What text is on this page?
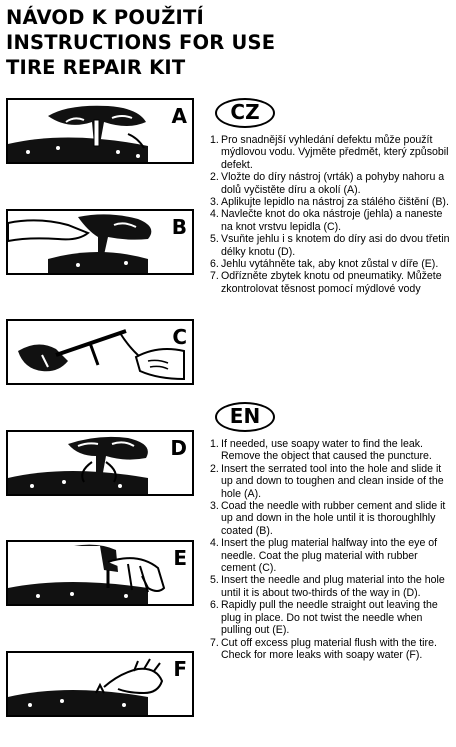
NÁVOD K POUŽITÍ
INSTRUCTIONS FOR USE
TIRE REPAIR KIT
A
B
C
D
E
F
CZ
1. Pro snadnější vyhledání defektu může použít mýdlovou vodu. Vyjměte předmět, který způsobil defekt.
2. Vložte do díry nástroj (vrták) a pohyby nahoru a dolů vyčistěte díru a okolí (A).
3. Aplikujte lepidlo na nástroj za stálého čištění (B).
4. Navlečte knot do oka nástroje (jehla) a naneste na knot vrstvu lepidla (C).
5. Vsuňte jehlu i s knotem do díry asi do dvou třetin délky knotu (D).
6. Jehlu vytáhněte tak, aby knot zůstal v díře (E).
7. Odřízněte zbytek knotu od pneumatiky. Můžete zkontrolovat těsnost pomocí mýdlové vody
EN
1. If needed, use soapy water to find the leak. Remove the object that caused the puncture.
2. Insert the serrated tool into the hole and slide it up and down to toughen and clean inside of the hole (A).
3. Coad the needle with rubber cement and slide it up and down in the hole until it is thoroughlhly coated (B).
4. Insert the plug material halfway into the eye of needle. Coat the plug material with rubber cement (C).
5. Insert the needle and plug material into the hole until it is about two-thirds of the way in (D).
6. Rapidly pull the needle straight out leaving the plug in place. Do not twist the needle when pulling out (E).
7. Cut off excess plug material flush with the tire. Check for more leaks with soapy water (F).
